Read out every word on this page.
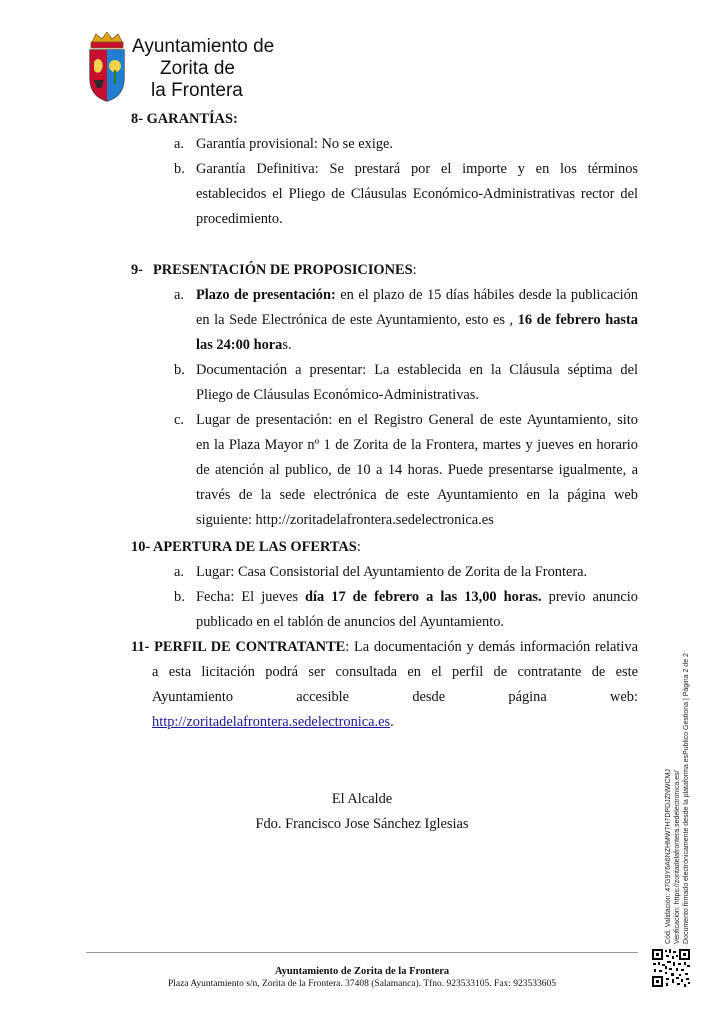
Ayuntamiento de
Zorita de
la Frontera
8- GARANTÍAS:
a. Garantía provisional: No se exige.
b. Garantía Definitiva: Se prestará por el importe y en los términos
establecidos el Pliego de Cláusulas Económico-Administrativas rector del
procedimiento.
9- PRESENTACIÓN DE PROPOSICIONES:
a. Plazo de presentación: en el plazo de 15 días hábiles desde la publicación
en la Sede Electrónica de este Ayuntamiento, esto es , 16 de febrero hasta
las 24:00 horas.
b. Documentación a presentar: La establecida en la Cláusula séptima del
Pliego de Cláusulas Económico-Administrativas.
c. Lugar de presentación: en el Registro General de este Ayuntamiento, sito
en la Plaza Mayor nº 1 de Zorita de la Frontera, martes y jueves en horario
de atención al publico, de 10 a 14 horas. Puede presentarse igualmente, a
través de la sede electrónica de este Ayuntamiento en la página web
siguiente: http://zoritadelafrontera.sedelectronica.es
10- APERTURA DE LAS OFERTAS:
a. Lugar: Casa Consistorial del Ayuntamiento de Zorita de la Frontera.
b. Fecha: El jueves día 17 de febrero a las 13,00 horas. previo anuncio
publicado en el tablón de anuncios del Ayuntamiento.
11- PERFIL DE CONTRATANTE: La documentación y demás información relativa
a esta licitación podrá ser consultada en el perfil de contratante de este
Ayuntamiento accesible desde página web:
http://zoritadelafrontera.sedelectronica.es.
El Alcalde
Fdo. Francisco Jose Sánchez Iglesias	Cód. Validación: 47G9Y6A6NZHMW7H7DPDJZNWCMJ Verificación: https://zoritadelafrontera.sedelectronica.es/ Documento firmado electrónicamente desde la plataforma esPublico Gestiona | Página 2 de 2
Ayuntamiento de Zorita de la Frontera
Plaza Ayuntamiento s/n, Zorita de la Frontera. 37408 (Salamanca). Tfno. 923533105. Fax: 923533605
